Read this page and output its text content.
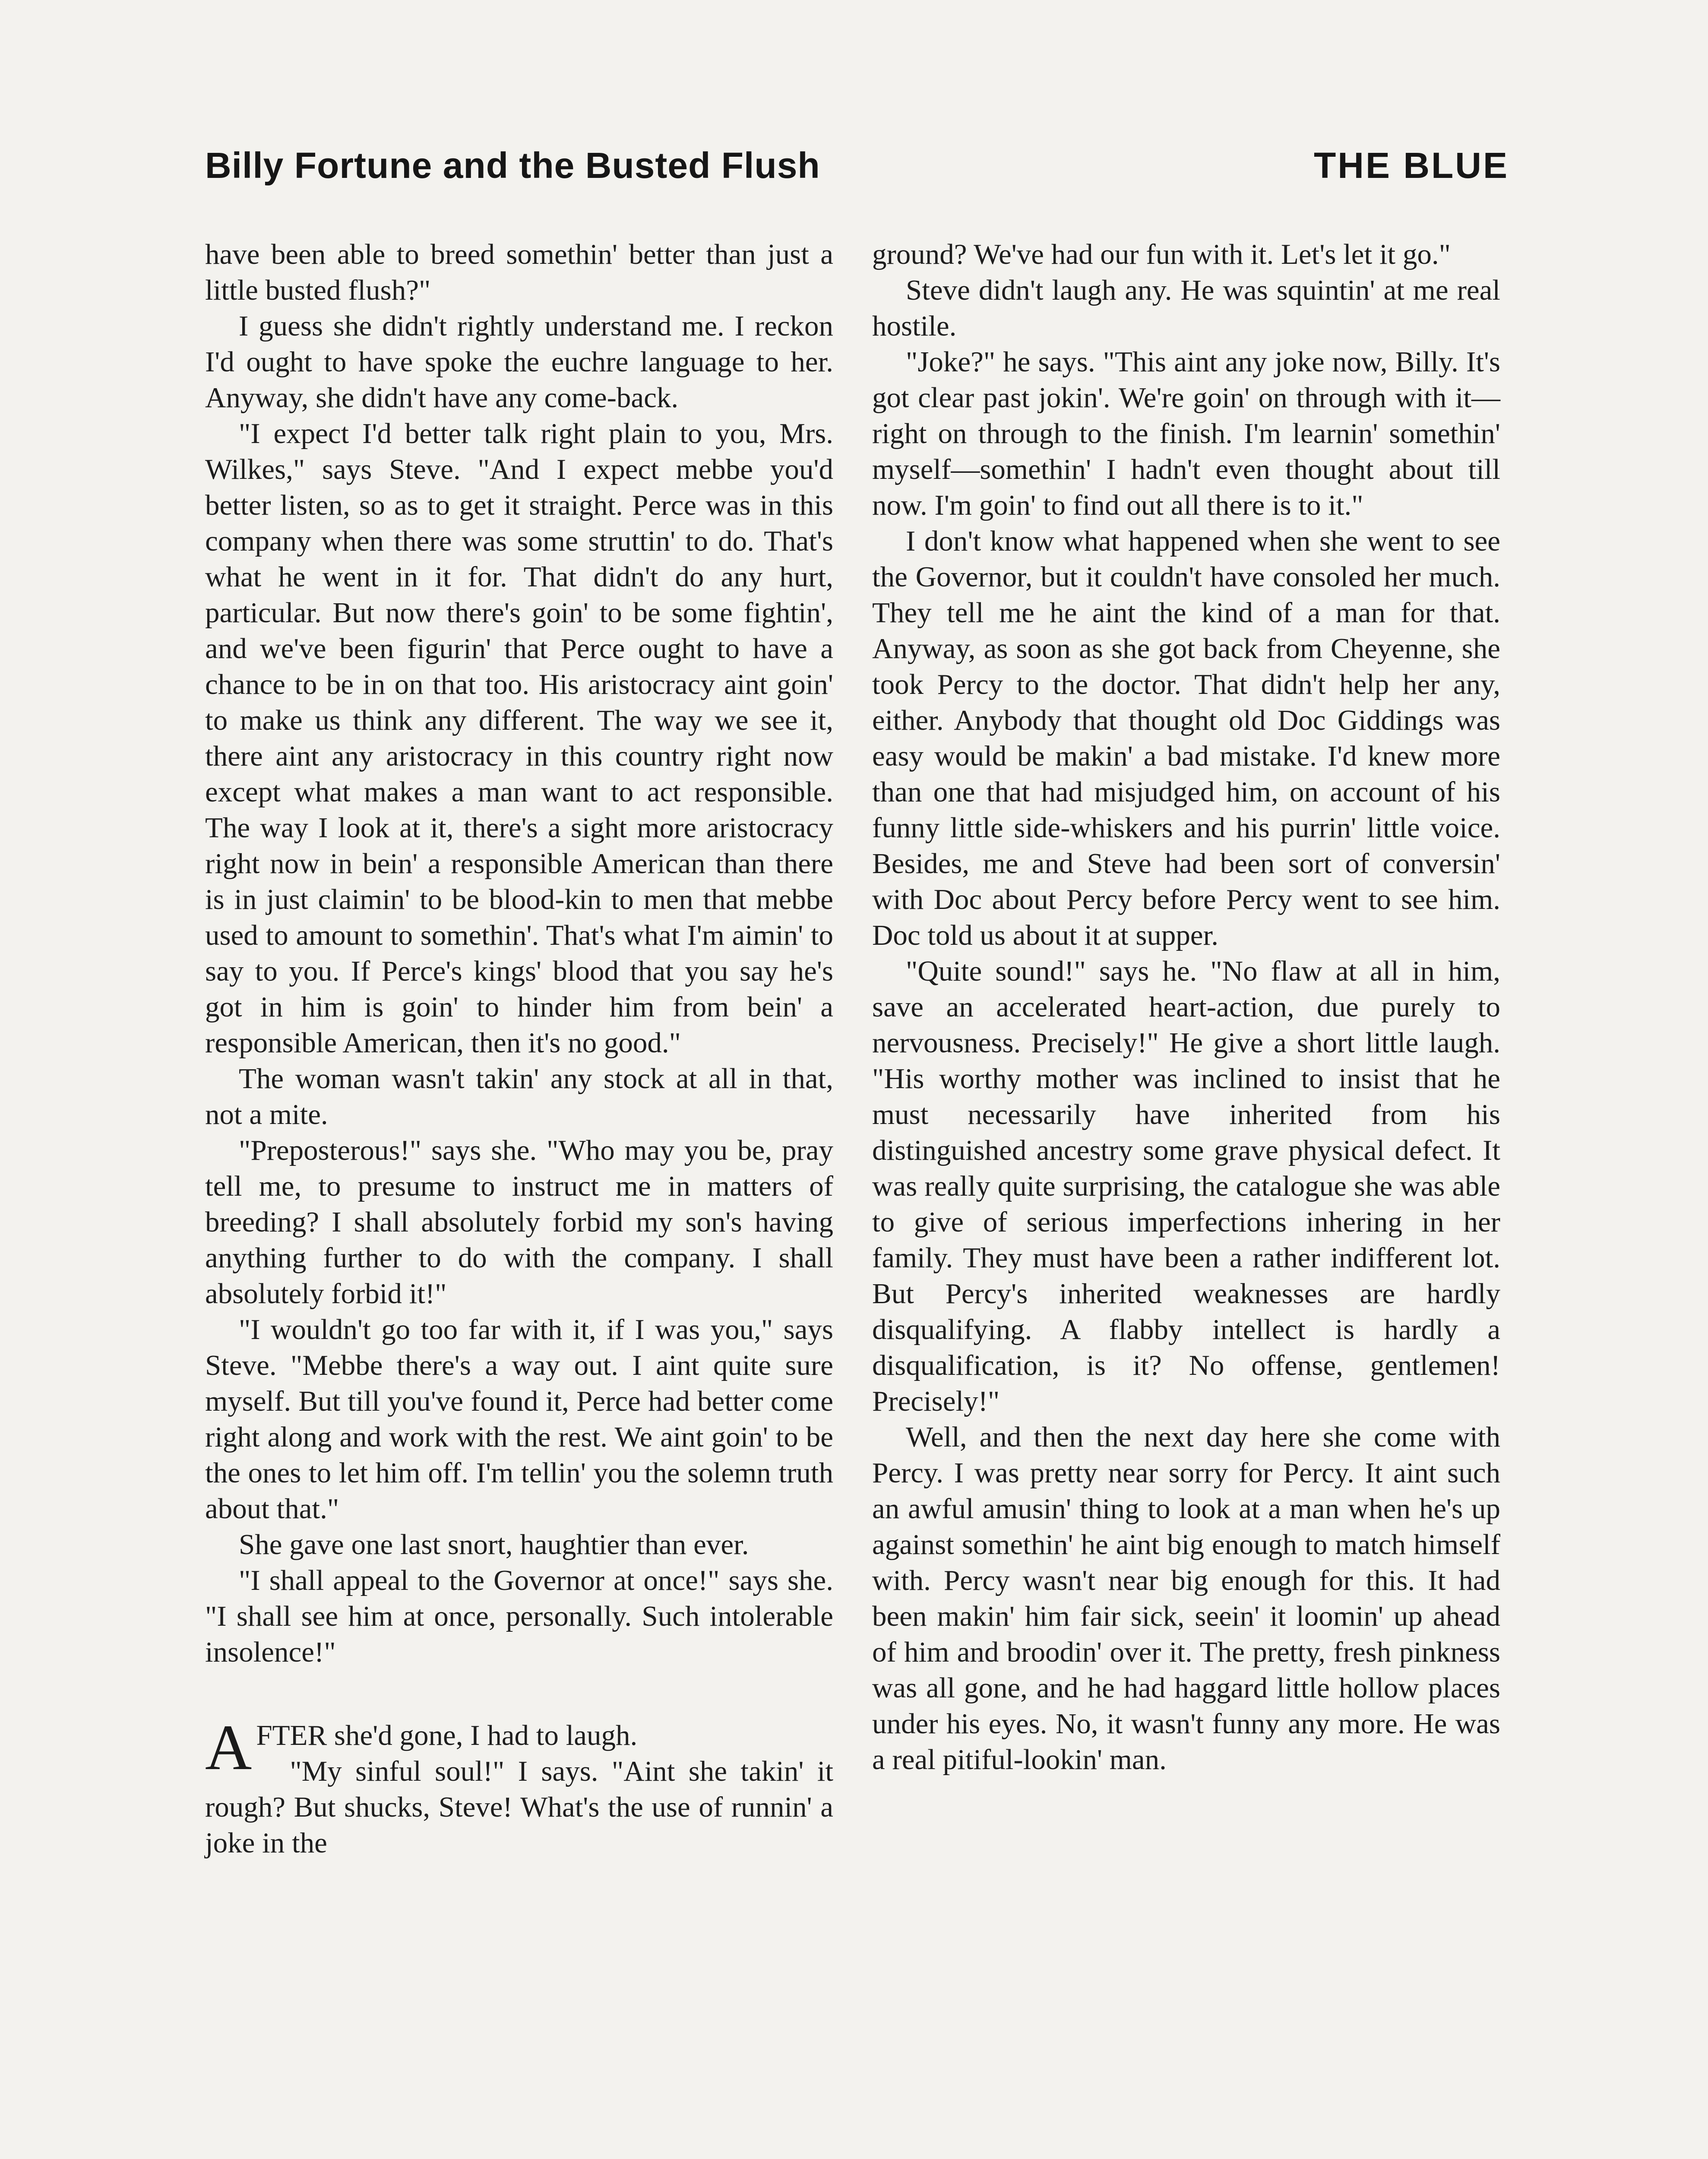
Billy Fortune and the Busted Flush	THE BLUE

have been able to breed somethin' better than just a little busted flush?"

I guess she didn't rightly understand me. I reckon I'd ought to have spoke the euchre language to her. Anyway, she didn't have any come-back.

"I expect I'd better talk right plain to you, Mrs. Wilkes," says Steve. "And I expect mebbe you'd better listen, so as to get it straight. Perce was in this company when there was some struttin' to do. That's what he went in it for. That didn't do any hurt, particular. But now there's goin' to be some fightin', and we've been figurin' that Perce ought to have a chance to be in on that too. His aristocracy aint goin' to make us think any different. The way we see it, there aint any aristocracy in this country right now except what makes a man want to act responsible. The way I look at it, there's a sight more aristocracy right now in bein' a responsible American than there is in just claimin' to be blood-kin to men that mebbe used to amount to somethin'. That's what I'm aimin' to say to you. If Perce's kings' blood that you say he's got in him is goin' to hinder him from bein' a responsible American, then it's no good."

The woman wasn't takin' any stock at all in that, not a mite.

"Preposterous!" says she. "Who may you be, pray tell me, to presume to instruct me in matters of breeding? I shall absolutely forbid my son's having anything further to do with the company. I shall absolutely forbid it!"

"I wouldn't go too far with it, if I was you," says Steve. "Mebbe there's a way out. I aint quite sure myself. But till you've found it, Perce had better come right along and work with the rest. We aint goin' to be the ones to let him off. I'm tellin' you the solemn truth about that."

She gave one last snort, haughtier than ever.

"I shall appeal to the Governor at once!" says she. "I shall see him at once, personally. Such intolerable insolence!"

AFTER she'd gone, I had to laugh.

"My sinful soul!" I says. "Aint she takin' it rough? But shucks, Steve! What's the use of runnin' a joke in the

ground? We've had our fun with it. Let's let it go."

Steve didn't laugh any. He was squintin' at me real hostile.

"Joke?" he says. "This aint any joke now, Billy. It's got clear past jokin'. We're goin' on through with it—right on through to the finish. I'm learnin' somethin' myself—somethin' I hadn't even thought about till now. I'm goin' to find out all there is to it."

I don't know what happened when she went to see the Governor, but it couldn't have consoled her much. They tell me he aint the kind of a man for that. Anyway, as soon as she got back from Cheyenne, she took Percy to the doctor. That didn't help her any, either. Anybody that thought old Doc Giddings was easy would be makin' a bad mistake. I'd knew more than one that had misjudged him, on account of his funny little side-whiskers and his purrin' little voice. Besides, me and Steve had been sort of conversin' with Doc about Percy before Percy went to see him. Doc told us about it at supper.

"Quite sound!" says he. "No flaw at all in him, save an accelerated heart-action, due purely to nervousness. Precisely!" He give a short little laugh. "His worthy mother was inclined to insist that he must necessarily have inherited from his distinguished ancestry some grave physical defect. It was really quite surprising, the catalogue she was able to give of serious imperfections inhering in her family. They must have been a rather indifferent lot. But Percy's inherited weaknesses are hardly disqualifying. A flabby intellect is hardly a disqualification, is it? No offense, gentlemen! Precisely!"

Well, and then the next day here she come with Percy. I was pretty near sorry for Percy. It aint such an awful amusin' thing to look at a man when he's up against somethin' he aint big enough to match himself with. Percy wasn't near big enough for this. It had been makin' him fair sick, seein' it loomin' up ahead of him and broodin' over it. The pretty, fresh pinkness was all gone, and he had haggard little hollow places under his eyes. No, it wasn't funny any more. He was a real pitiful-lookin' man.
